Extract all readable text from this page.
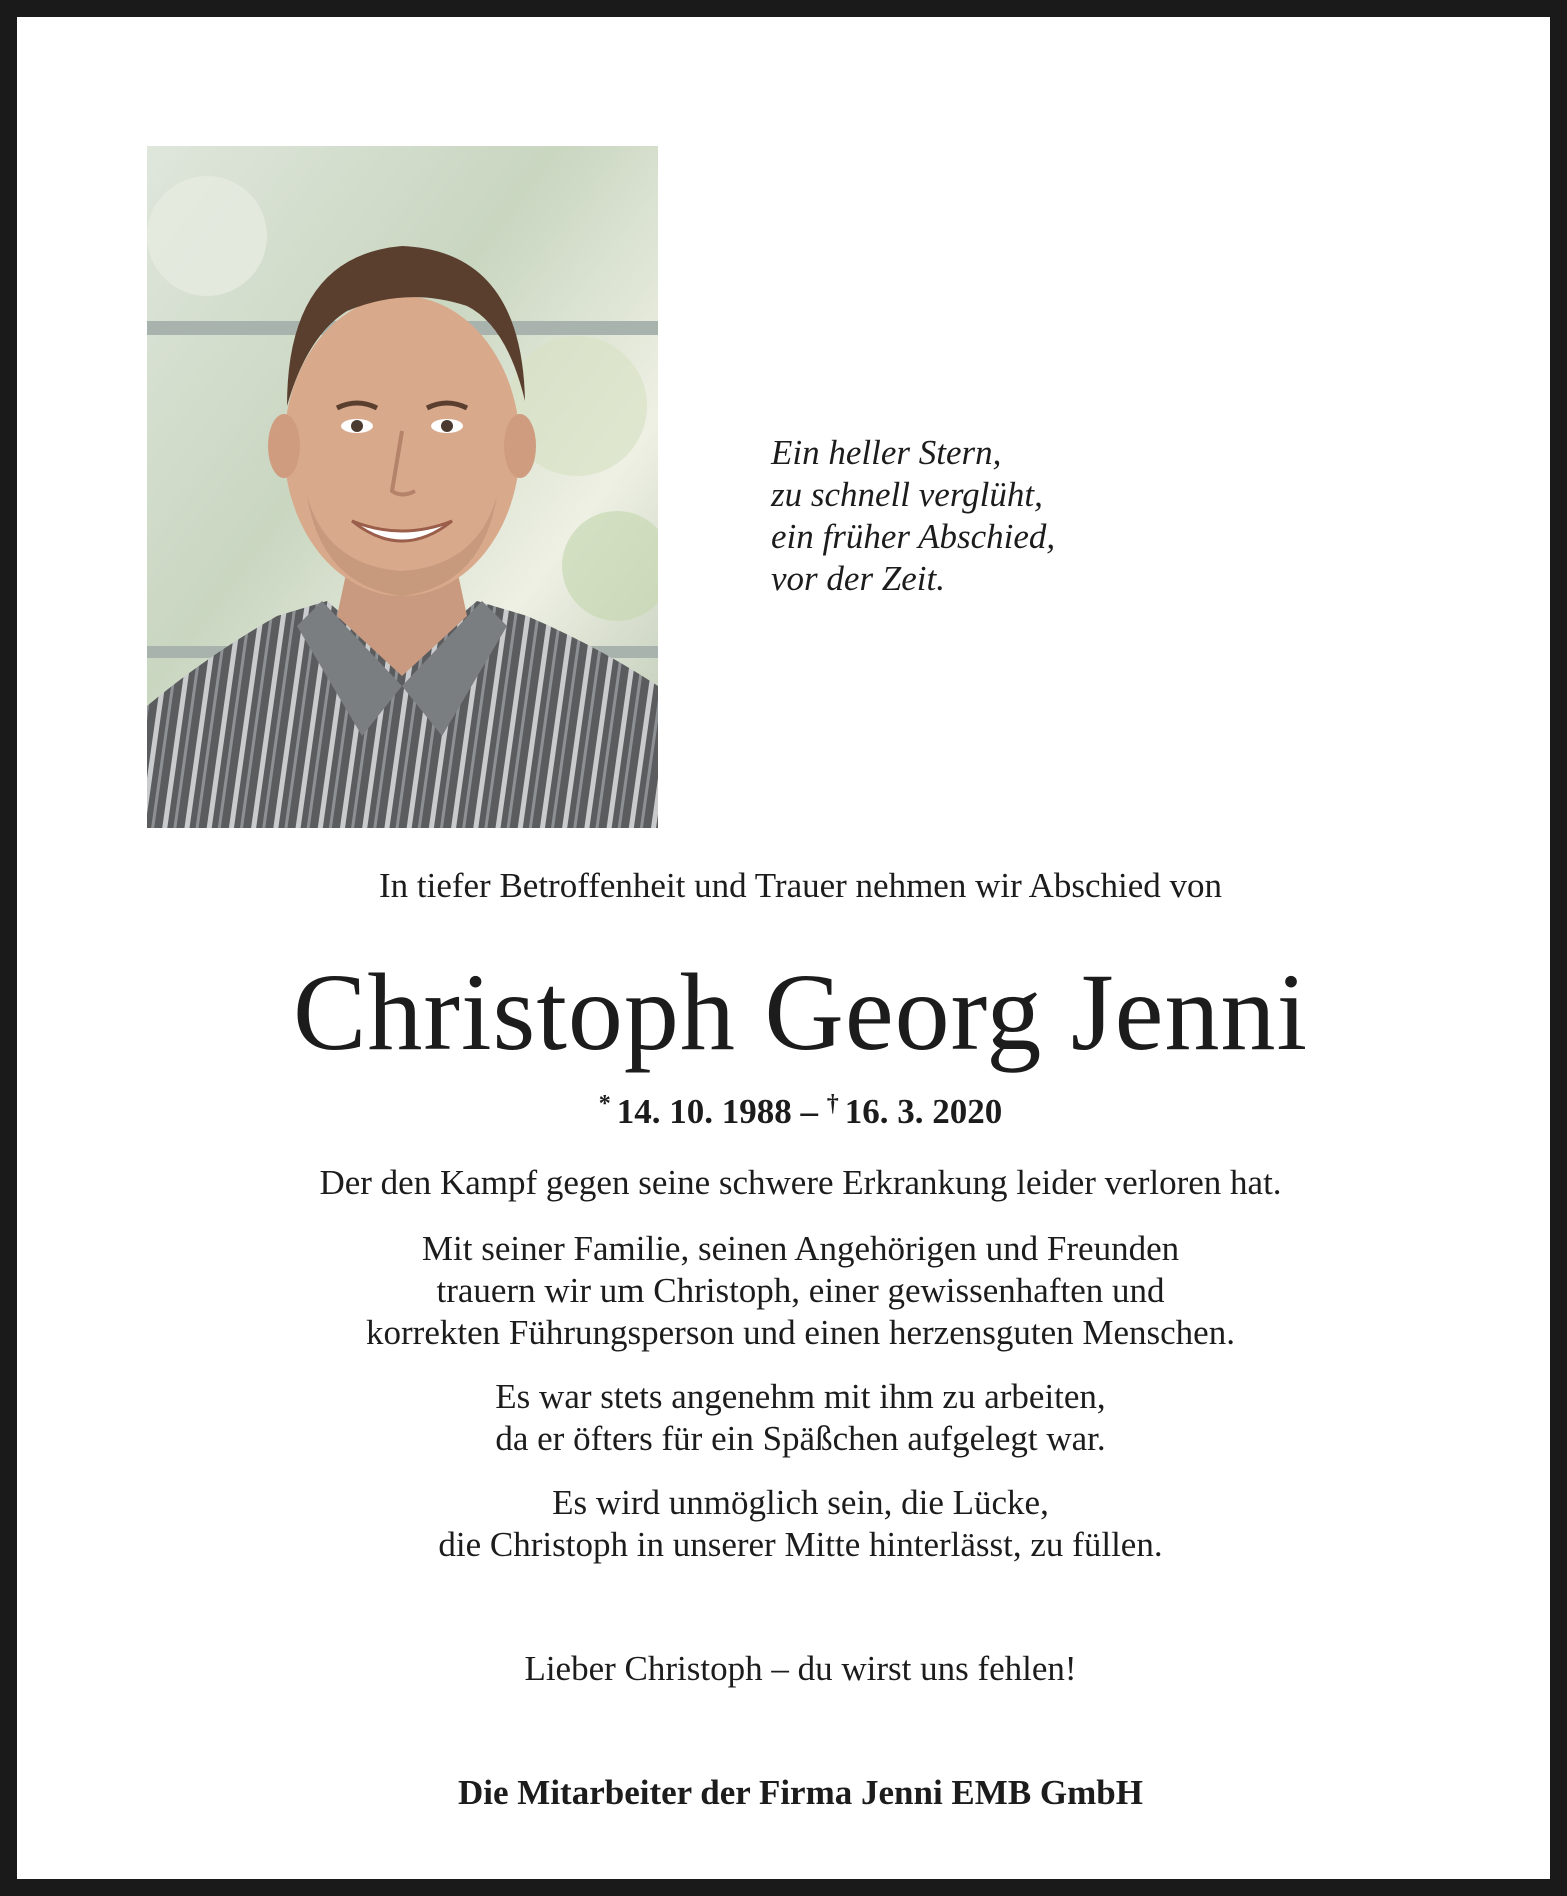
Ein heller Stern,
zu schnell verglüht,
ein früher Abschied,
vor der Zeit.
In tiefer Betroffenheit und Trauer nehmen wir Abschied von
Christoph Georg Jenni
* 14. 10. 1988 – † 16. 3. 2020
Der den Kampf gegen seine schwere Erkrankung leider verloren hat.
Mit seiner Familie, seinen Angehörigen und Freunden
trauern wir um Christoph, einer gewissenhaften und
korrekten Führungsperson und einen herzensguten Menschen.
Es war stets angenehm mit ihm zu arbeiten,
da er öfters für ein Späßchen aufgelegt war.
Es wird unmöglich sein, die Lücke,
die Christoph in unserer Mitte hinterlässt, zu füllen.
Lieber Christoph – du wirst uns fehlen!
Die Mitarbeiter der Firma Jenni EMB GmbH
